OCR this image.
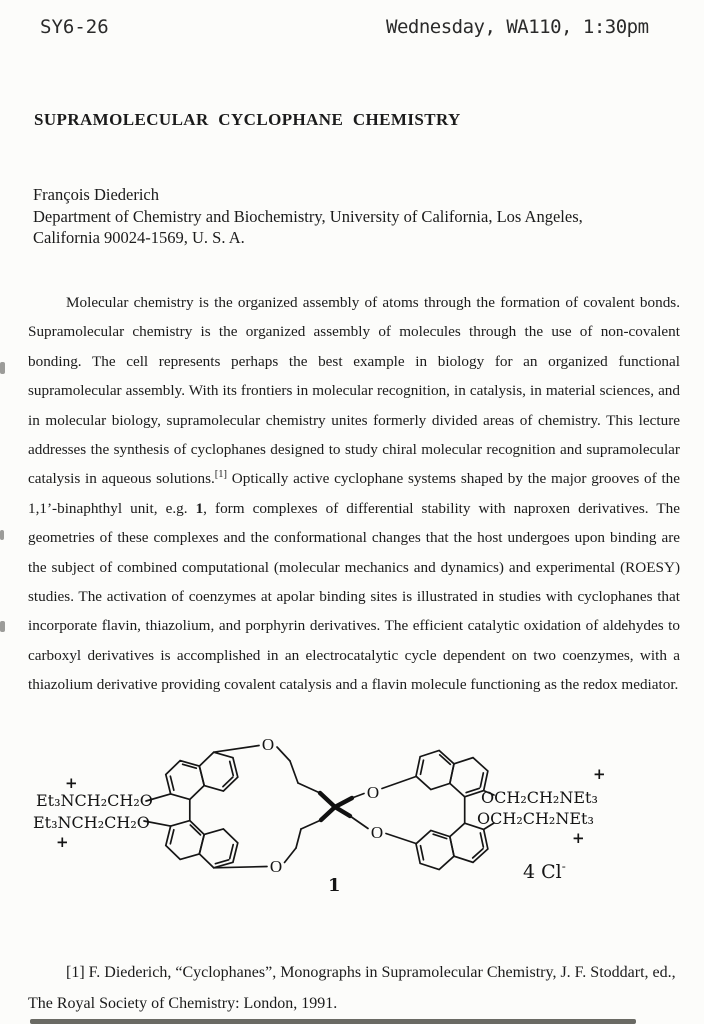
SY6-26	Wednesday, WA110, 1:30pm
SUPRAMOLECULAR CYCLOPHANE CHEMISTRY
François Diederich
Department of Chemistry and Biochemistry, University of California, Los Angeles,
California 90024-1569, U. S. A.
Molecular chemistry is the organized assembly of atoms through the formation of covalent bonds. Supramolecular chemistry is the organized assembly of molecules through the use of non-covalent bonding. The cell represents perhaps the best example in biology for an organized functional supramolecular assembly. With its frontiers in molecular recognition, in catalysis, in material sciences, and in molecular biology, supramolecular chemistry unites formerly divided areas of chemistry. This lecture addresses the synthesis of cyclophanes designed to study chiral molecular recognition and supramolecular catalysis in aqueous solutions.[1] Optically active cyclophane systems shaped by the major grooves of the 1,1’-binaphthyl unit, e.g. 1, form complexes of differential stability with naproxen derivatives. The geometries of these complexes and the conformational changes that the host undergoes upon binding are the subject of combined computational (molecular mechanics and dynamics) and experimental (ROESY) studies. The activation of coenzymes at apolar binding sites is illustrated in studies with cyclophanes that incorporate flavin, thiazolium, and porphyrin derivatives. The efficient catalytic oxidation of aldehydes to carboxyl derivatives is accomplished in an electrocatalytic cycle dependent on two coenzymes, with a thiazolium derivative providing covalent catalysis and a flavin molecule functioning as the redox mediator.
O
O
O
O
+
Et₃NCH₂CH₂O
Et₃NCH₂CH₂O
+
+
OCH₂CH₂NEt₃
OCH₂CH₂NEt₃
+
1
4 Cl-
[1] F. Diederich, “Cyclophanes”, Monographs in Supramolecular Chemistry, J. F. Stoddart, ed., The Royal Society of Chemistry: London, 1991.
